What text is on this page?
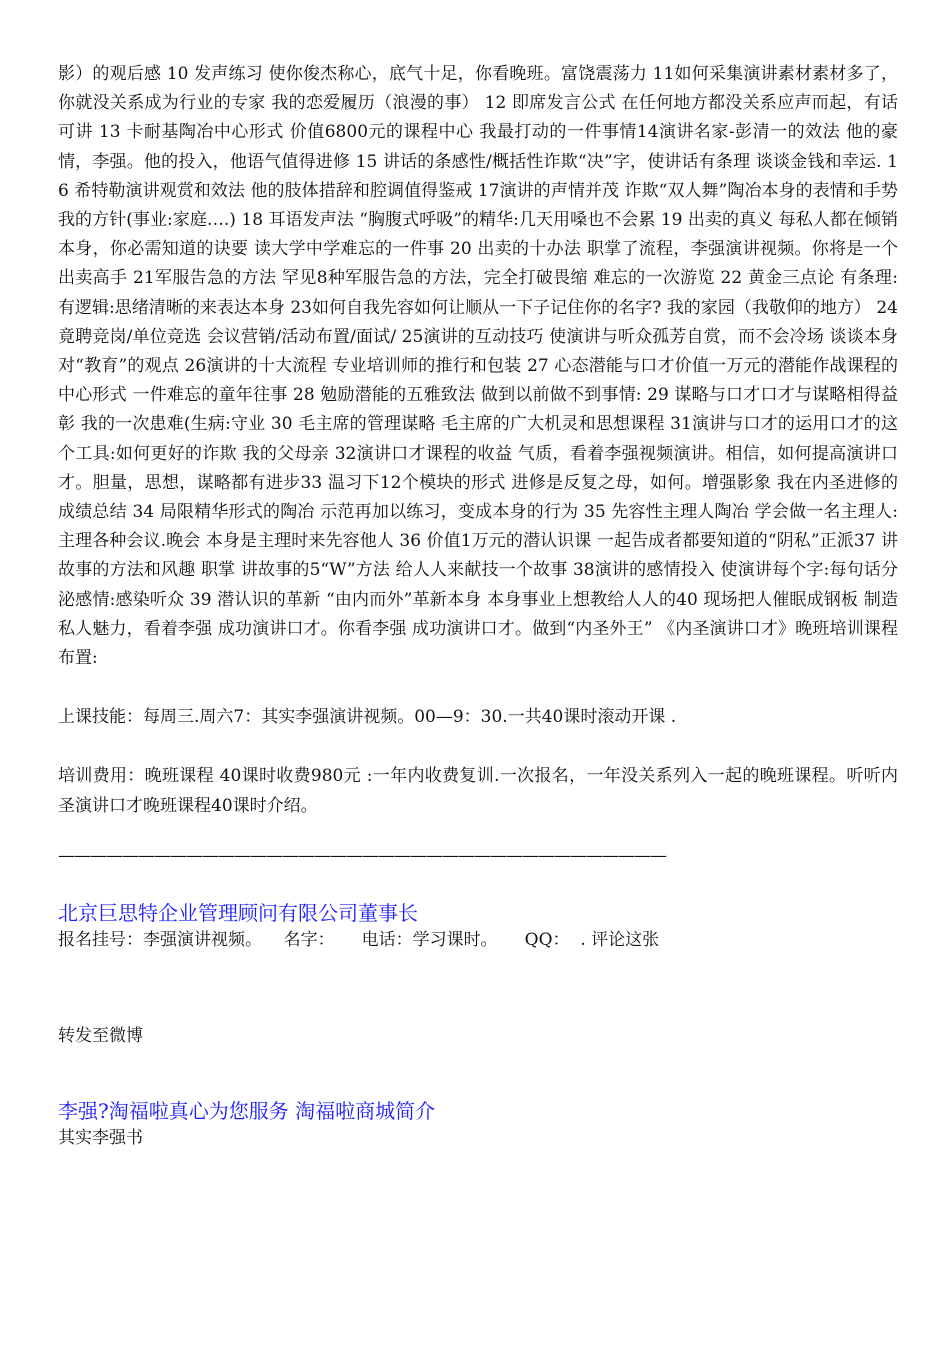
影）的观后感 10 发声练习 使你俊杰称心，底气十足，你看晚班。富饶震荡力 11如何采集演讲素材素材多了，你就没关系成为行业的专家 我的恋爱履历（浪漫的事） 12 即席发言公式 在任何地方都没关系应声而起，有话可讲 13 卡耐基陶冶中心形式 价值6800元的课程中心 我最打动的一件事情14演讲名家-彭清一的效法 他的豪情，李强。他的投入，他语气值得进修 15 讲话的条感性/概括性诈欺“决”字，使讲话有条理 谈谈金钱和幸运. 16 希特勒演讲观赏和效法 他的肢体措辞和腔调值得鉴戒 17演讲的声情并茂 诈欺“双人舞”陶冶本身的表情和手势 我的方针(事业:家庭….) 18 耳语发声法 “胸腹式呼吸”的精华:几天用嗓也不会累 19 出卖的真义 每私人都在倾销本身，你必需知道的诀要 读大学中学难忘的一件事 20 出卖的十办法 职掌了流程，李强演讲视频。你将是一个出卖高手 21军服告急的方法 罕见8种军服告急的方法，完全打破畏缩 难忘的一次游览 22 黄金三点论 有条理:有逻辑:思绪清晰的来表达本身 23如何自我先容如何让顺从一下子记住你的名字? 我的家园（我敬仰的地方） 24 竟聘竞岗/单位竞选 会议营销/活动布置/面试/ 25演讲的互动技巧 使演讲与听众孤芳自赏，而不会冷场 谈谈本身对“教育”的观点 26演讲的十大流程 专业培训师的推行和包装 27 心态潜能与口才价值一万元的潜能作战课程的中心形式 一件难忘的童年往事 28 勉励潜能的五雅致法 做到以前做不到事情: 29 谋略与口才口才与谋略相得益彰 我的一次患难(生病:守业 30 毛主席的管理谋略 毛主席的广大机灵和思想课程 31演讲与口才的运用口才的这个工具:如何更好的诈欺 我的父母亲 32演讲口才课程的收益 气质，看着李强视频演讲。相信，如何提高演讲口才。胆量，思想，谋略都有进步33 温习下12个模块的形式 进修是反复之母，如何。增强影象 我在内圣进修的成绩总结 34 局限精华形式的陶冶 示范再加以练习，变成本身的行为 35 先容性主理人陶冶 学会做一名主理人:主理各种会议.晚会 本身是主理时来先容他人 36 价值1万元的潜认识课 一起告成者都要知道的“阴私”正派37 讲故事的方法和风趣 职掌 讲故事的5“W”方法 给人人来献技一个故事 38演讲的感情投入 使演讲每个字:每句话分泌感情:感染听众 39 潜认识的革新 “由内而外”革新本身 本身事业上想教给人人的40 现场把人催眠成钢板 制造私人魅力，看着李强 成功演讲口才。你看李强 成功演讲口才。做到“内圣外王” 《内圣演讲口才》晚班培训课程布置:
上课技能：每周三.周六7：其实李强演讲视频。00—9：30.一共40课时滚动开课 .
培训费用：晚班课程 40课时收费980元 :一年内收费复训.一次报名，一年没关系列入一起的晚班课程。听听内圣演讲口才晚班课程40课时介绍。
——————————————————————————————————————
北京巨思特企业管理顾问有限公司董事长

报名挂号：李强演讲视频。    名字：     电话：学习课时。     QQ：  . 评论这张

转发至微博

李强?淘福啦真心为您服务 淘福啦商城简介

其实李强书
